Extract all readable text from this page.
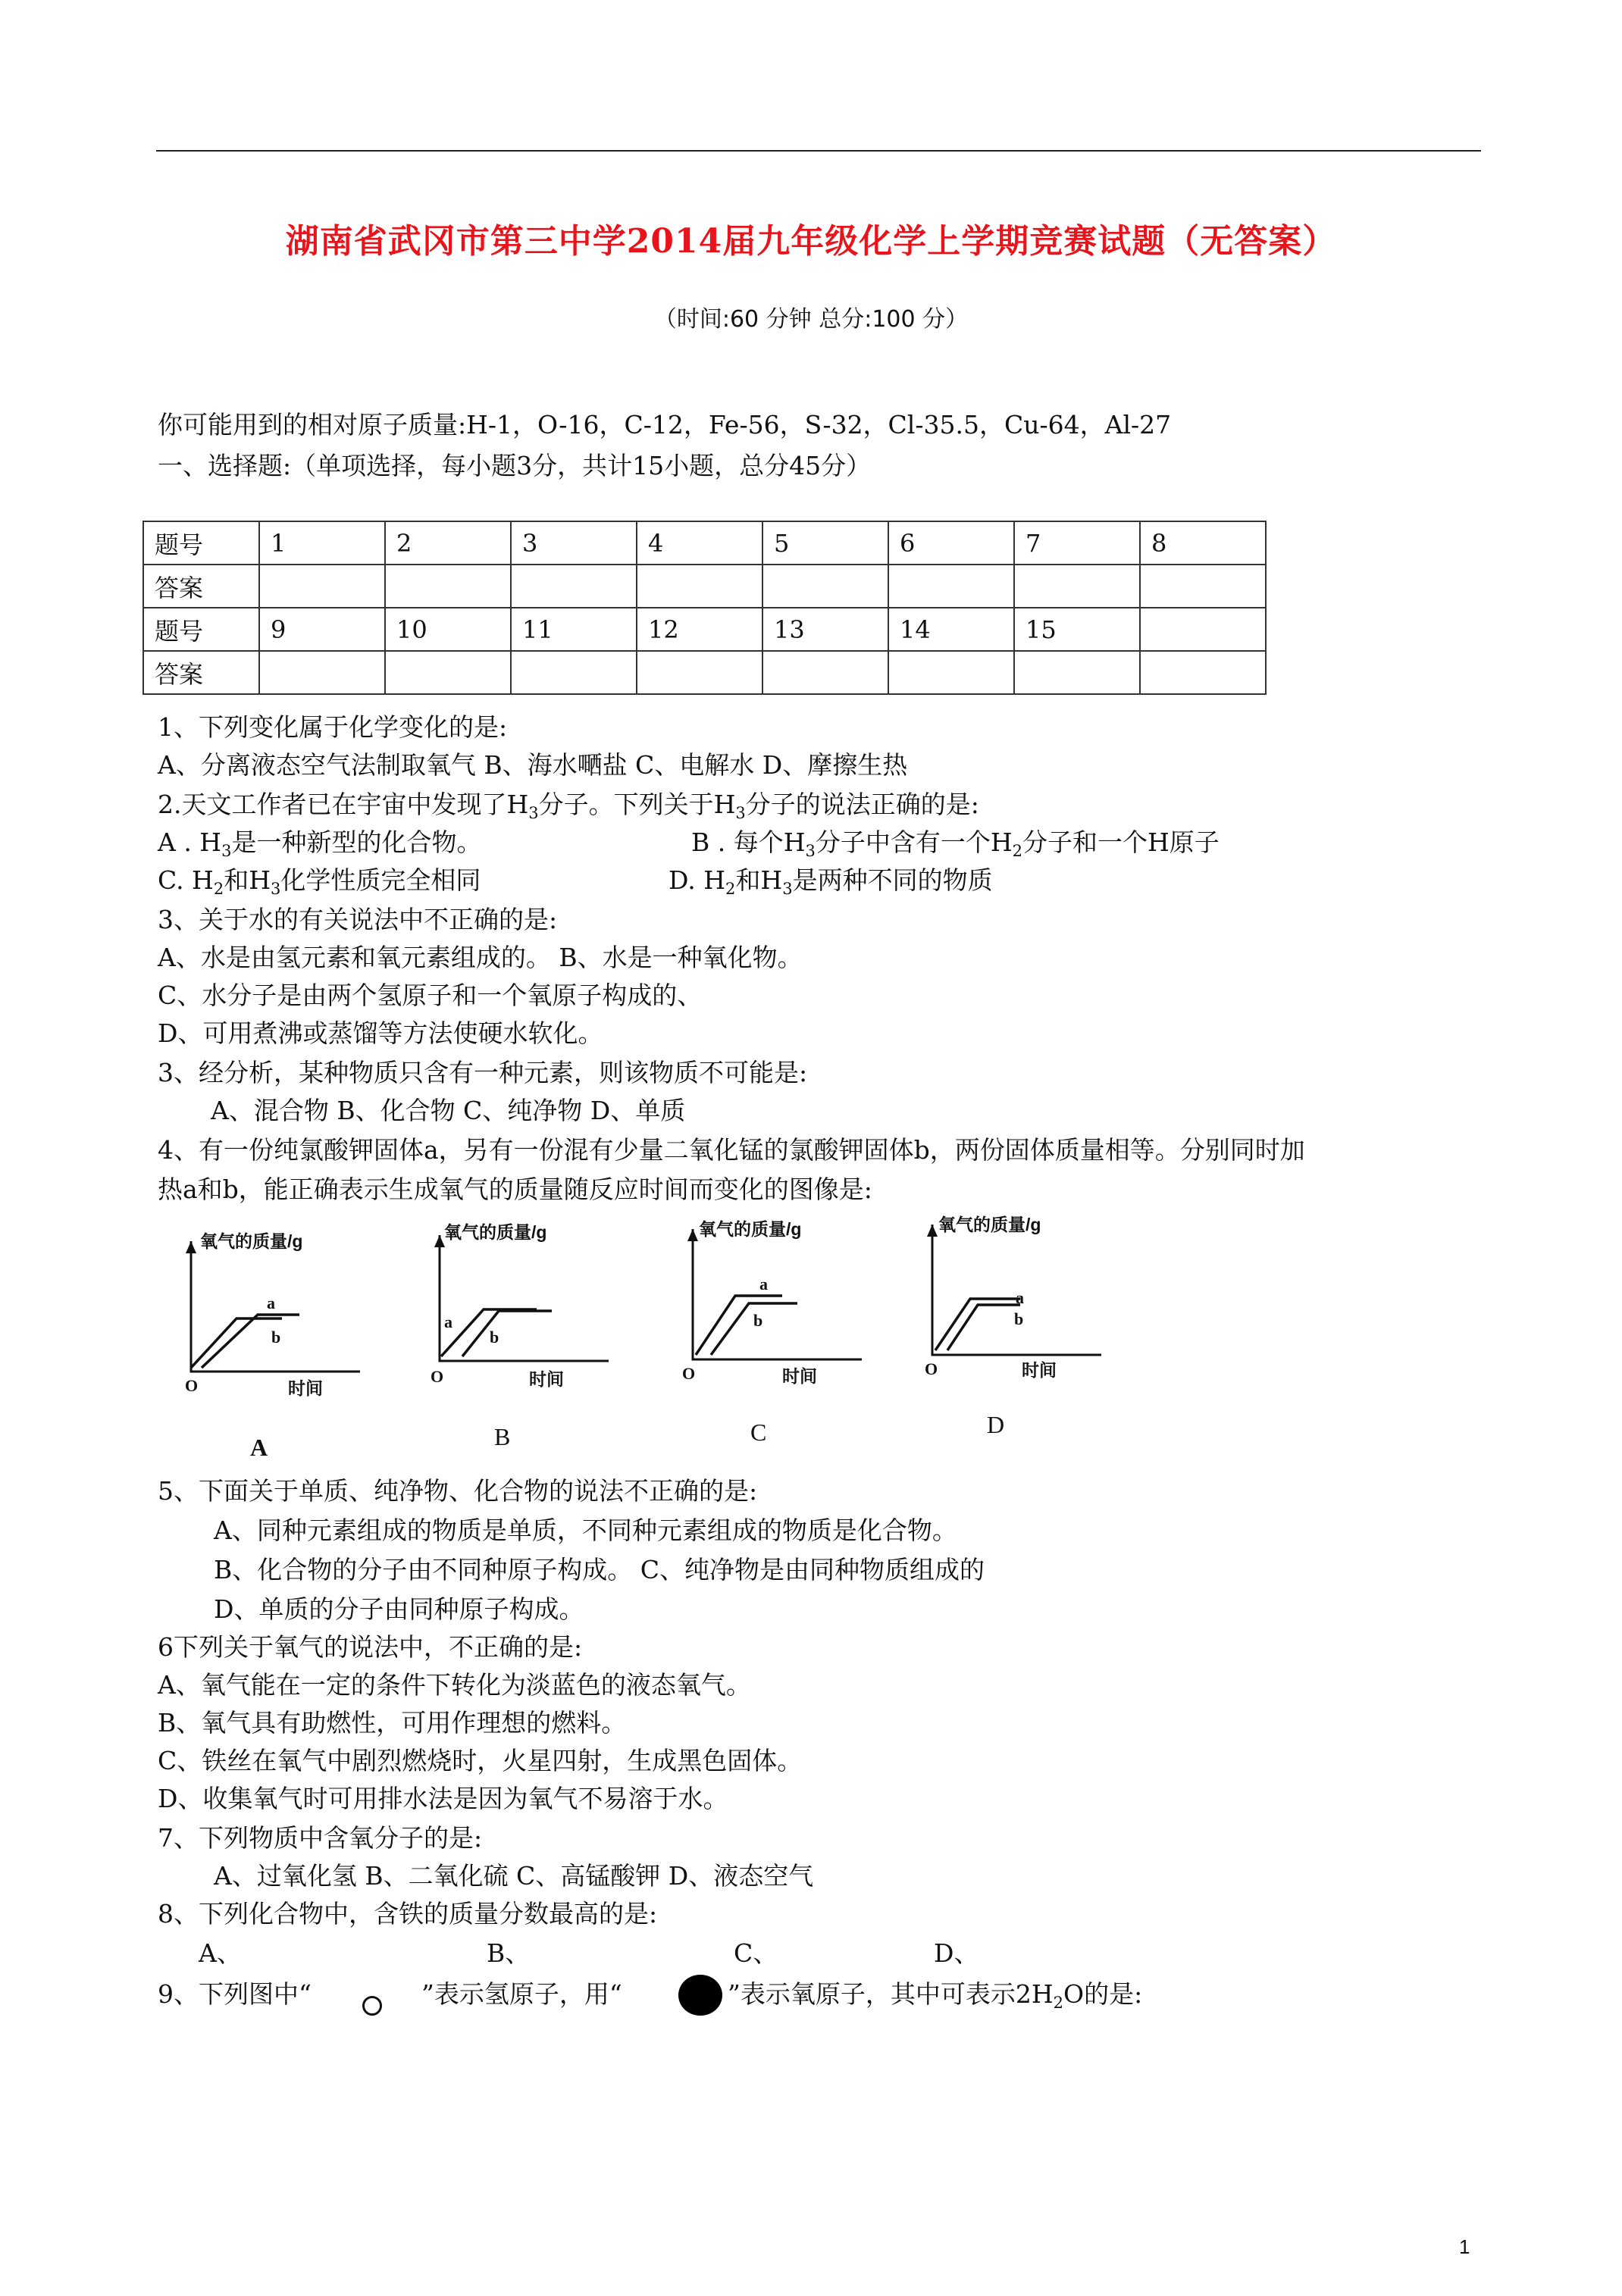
湖南省武冈市第三中学2014届九年级化学上学期竞赛试题（无答案）
（时间:60 分钟 总分:100 分）
你可能用到的相对原子质量:H-1，O-16，C-12，Fe-56，S-32，Cl-35.5，Cu-64，Al-27
一、选择题:（单项选择，每小题3分，共计15小题，总分45分）
题号	1	2	3	4	5	6	7	8
答案								
题号	9	10	11	12	13	14	15	
答案								
1、下列变化属于化学变化的是:
A、分离液态空气法制取氧气 B、海水嗮盐 C、电解水 D、摩擦生热
2.天文工作者已在宇宙中发现了$H_3$分子。下列关于$H_3$分子的说法正确的是:
A . $H_3$是一种新型的化合物。	B . 每个$H_3$分子中含有一个$H_2$分子和一个H原子
C. $H_2$和$H_3$化学性质完全相同	D. $H_2$和$H_3$是两种不同的物质
3、关于水的有关说法中不正确的是:
A、水是由氢元素和氧元素组成的。 B、水是一种氧化物。
C、水分子是由两个氢原子和一个氧原子构成的、
D、可用煮沸或蒸馏等方法使硬水软化。
3、经分析，某种物质只含有一种元素，则该物质不可能是:
A、混合物 B、化合物 C、纯净物 D、单质
4、有一份纯氯酸钾固体a，另有一份混有少量二氧化锰的氯酸钾固体b，两份固体质量相等。分别同时加
热a和b，能正确表示生成氧气的质量随反应时间而变化的图像是:
氧气的质量/g
a
b
O	时间
A
氧气的质量/g
a
b
O	时间
B
氧气的质量/g
a
b
O	时间
C
氧气的质量/g
a
b
O	时间
D
5、下面关于单质、纯净物、化合物的说法不正确的是:
A、同种元素组成的物质是单质，不同种元素组成的物质是化合物。
B、化合物的分子由不同种原子构成。 C、纯净物是由同种物质组成的
D、单质的分子由同种原子构成。
6下列关于氧气的说法中，不正确的是:
A、氧气能在一定的条件下转化为淡蓝色的液态氧气。
B、氧气具有助燃性，可用作理想的燃料。
C、铁丝在氧气中剧烈燃烧时，火星四射，生成黑色固体。
D、收集氧气时可用排水法是因为氧气不易溶于水。
7、下列物质中含氧分子的是:
A、过氧化氢 B、二氧化硫 C、高锰酸钾 D、液态空气
8、下列化合物中，含铁的质量分数最高的是:
A、	B、	C、	D、
9、下列图中“	”表示氢原子，用“	”表示氧原子，其中可表示$2H_2O$的是:
1
